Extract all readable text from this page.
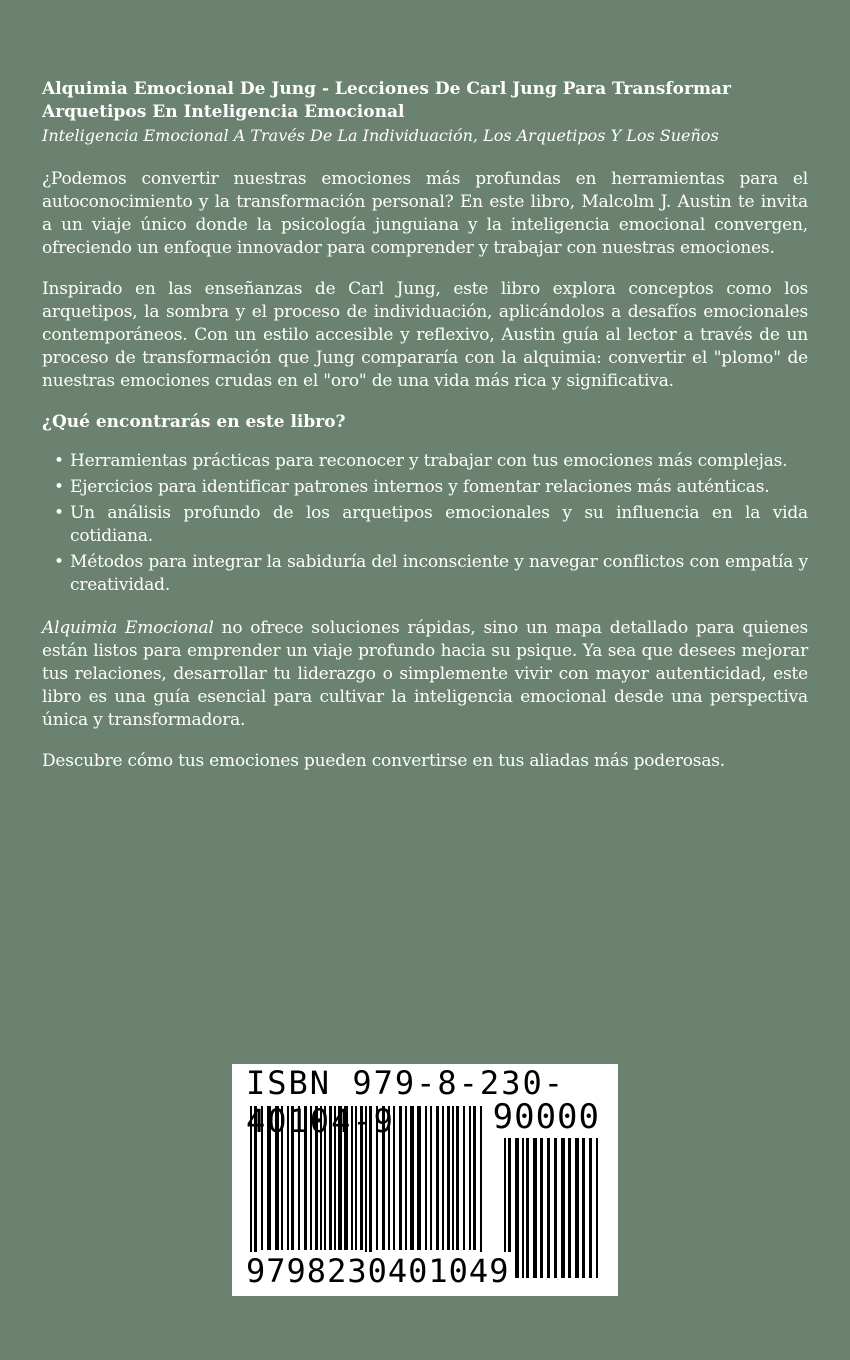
Alquimia Emocional De Jung - Lecciones De Carl Jung Para Transformar Arquetipos En Inteligencia Emocional
Inteligencia Emocional A Través De La Individuación, Los Arquetipos Y Los Sueños

¿Podemos convertir nuestras emociones más profundas en herramientas para el autoconocimiento y la transformación personal? En este libro, Malcolm J. Austin te invita a un viaje único donde la psicología junguiana y la inteligencia emocional convergen, ofreciendo un enfoque innovador para comprender y trabajar con nuestras emociones.

Inspirado en las enseñanzas de Carl Jung, este libro explora conceptos como los arquetipos, la sombra y el proceso de individuación, aplicándolos a desafíos emocionales contemporáneos. Con un estilo accesible y reflexivo, Austin guía al lector a través de un proceso de transformación que Jung compararía con la alquimia: convertir el "plomo" de nuestras emociones crudas en el "oro" de una vida más rica y significativa.

¿Qué encontrarás en este libro?
• Herramientas prácticas para reconocer y trabajar con tus emociones más complejas.
• Ejercicios para identificar patrones internos y fomentar relaciones más auténticas.
• Un análisis profundo de los arquetipos emocionales y su influencia en la vida cotidiana.
• Métodos para integrar la sabiduría del inconsciente y navegar conflictos con empatía y creatividad.

Alquimia Emocional no ofrece soluciones rápidas, sino un mapa detallado para quienes están listos para emprender un viaje profundo hacia su psique. Ya sea que desees mejorar tus relaciones, desarrollar tu liderazgo o simplemente vivir con mayor autenticidad, este libro es una guía esencial para cultivar la inteligencia emocional desde una perspectiva única y transformadora.

Descubre cómo tus emociones pueden convertirse en tus aliadas más poderosas.

ISBN 979-8-230-40104-9	90000
9798230401049
